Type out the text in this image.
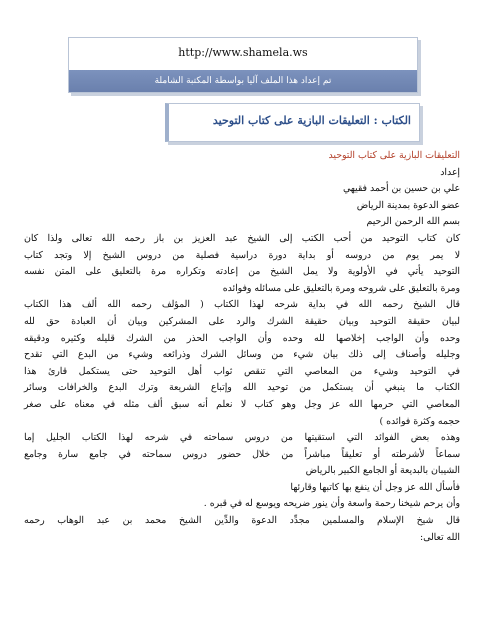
http://www.shamela.ws
تم إعداد هذا الملف آليا بواسطة المكتبة الشاملة
الكتاب : التعليقات البازية على كتاب التوحيد

التعليقات البازية على كتاب التوحيد

إعداد

علي بن حسين بن أحمد فقيهي

عضو الدعوة بمدينة الرياض

بسم الله الرحمن الرحيم

كان كتاب التوحيد من أحب الكتب إلى الشيخ عبد العزيز بن باز رحمه الله تعالى ولذا كان

لا يمر يوم من دروسه أو بداية دورة دراسية فصلية من دروس الشيخ إلا وتجد كتاب

التوحيد يأتي في الأولوية ولا يمل الشيخ من إعادته وتكراره مرة بالتعليق على المتن نفسه

ومرة بالتعليق على شروحه ومرة بالتعليق على مسائله وفوائده

قال الشيخ رحمه الله في بداية شرحه لهذا الكتاب ( المؤلف رحمه الله ألف هذا الكتاب

لبيان حقيقة التوحيد وبيان حقيقة الشرك والرد على المشركين وبيان أن العبادة حق لله

وحده وأن الواجب إخلاصها لله وحده وأن الواجب الحذر من الشرك قليله وكثيره ودقيقه

وجليله وأصناف إلى ذلك بيان شيء من وسائل الشرك وذرائعه وشيء من البدع التي تقدح

في التوحيد وشيء من المعاصي التي تنقص ثواب أهل التوحيد حتى يستكمل قارئ هذا

الكتاب ما ينبغي أن يستكمل من توحيد الله وإتباع الشريعة وترك البدع والخرافات وسائر

المعاصي التي حرمها الله عز وجل وهو كتاب لا نعلم أنه سبق ألف مثله في معناه على صغر

حجمه وكثرة فوائده )

وهذه بعض الفوائد التي استقيتها من دروس سماحته في شرحه لهذا الكتاب الجليل إما

سماعاً لأشرطته أو تعليقاً مباشراً من خلال حضور دروس سماحته في جامع سارة وجامع

الشيبان بالبديعة أو الجامع الكبير بالرياض

فأسأل الله عز وجل أن ينفع بها كاتبها وقارئها

وأن يرحم شيخنا رحمة واسعة وأن ينور ضريحه ويوسع له في قبره .

قال شيخ الإسلام والمسلمين مجدِّد الدعوة والدِّين الشيخ محمد بن عبد الوهاب رحمه

الله تعالى:
